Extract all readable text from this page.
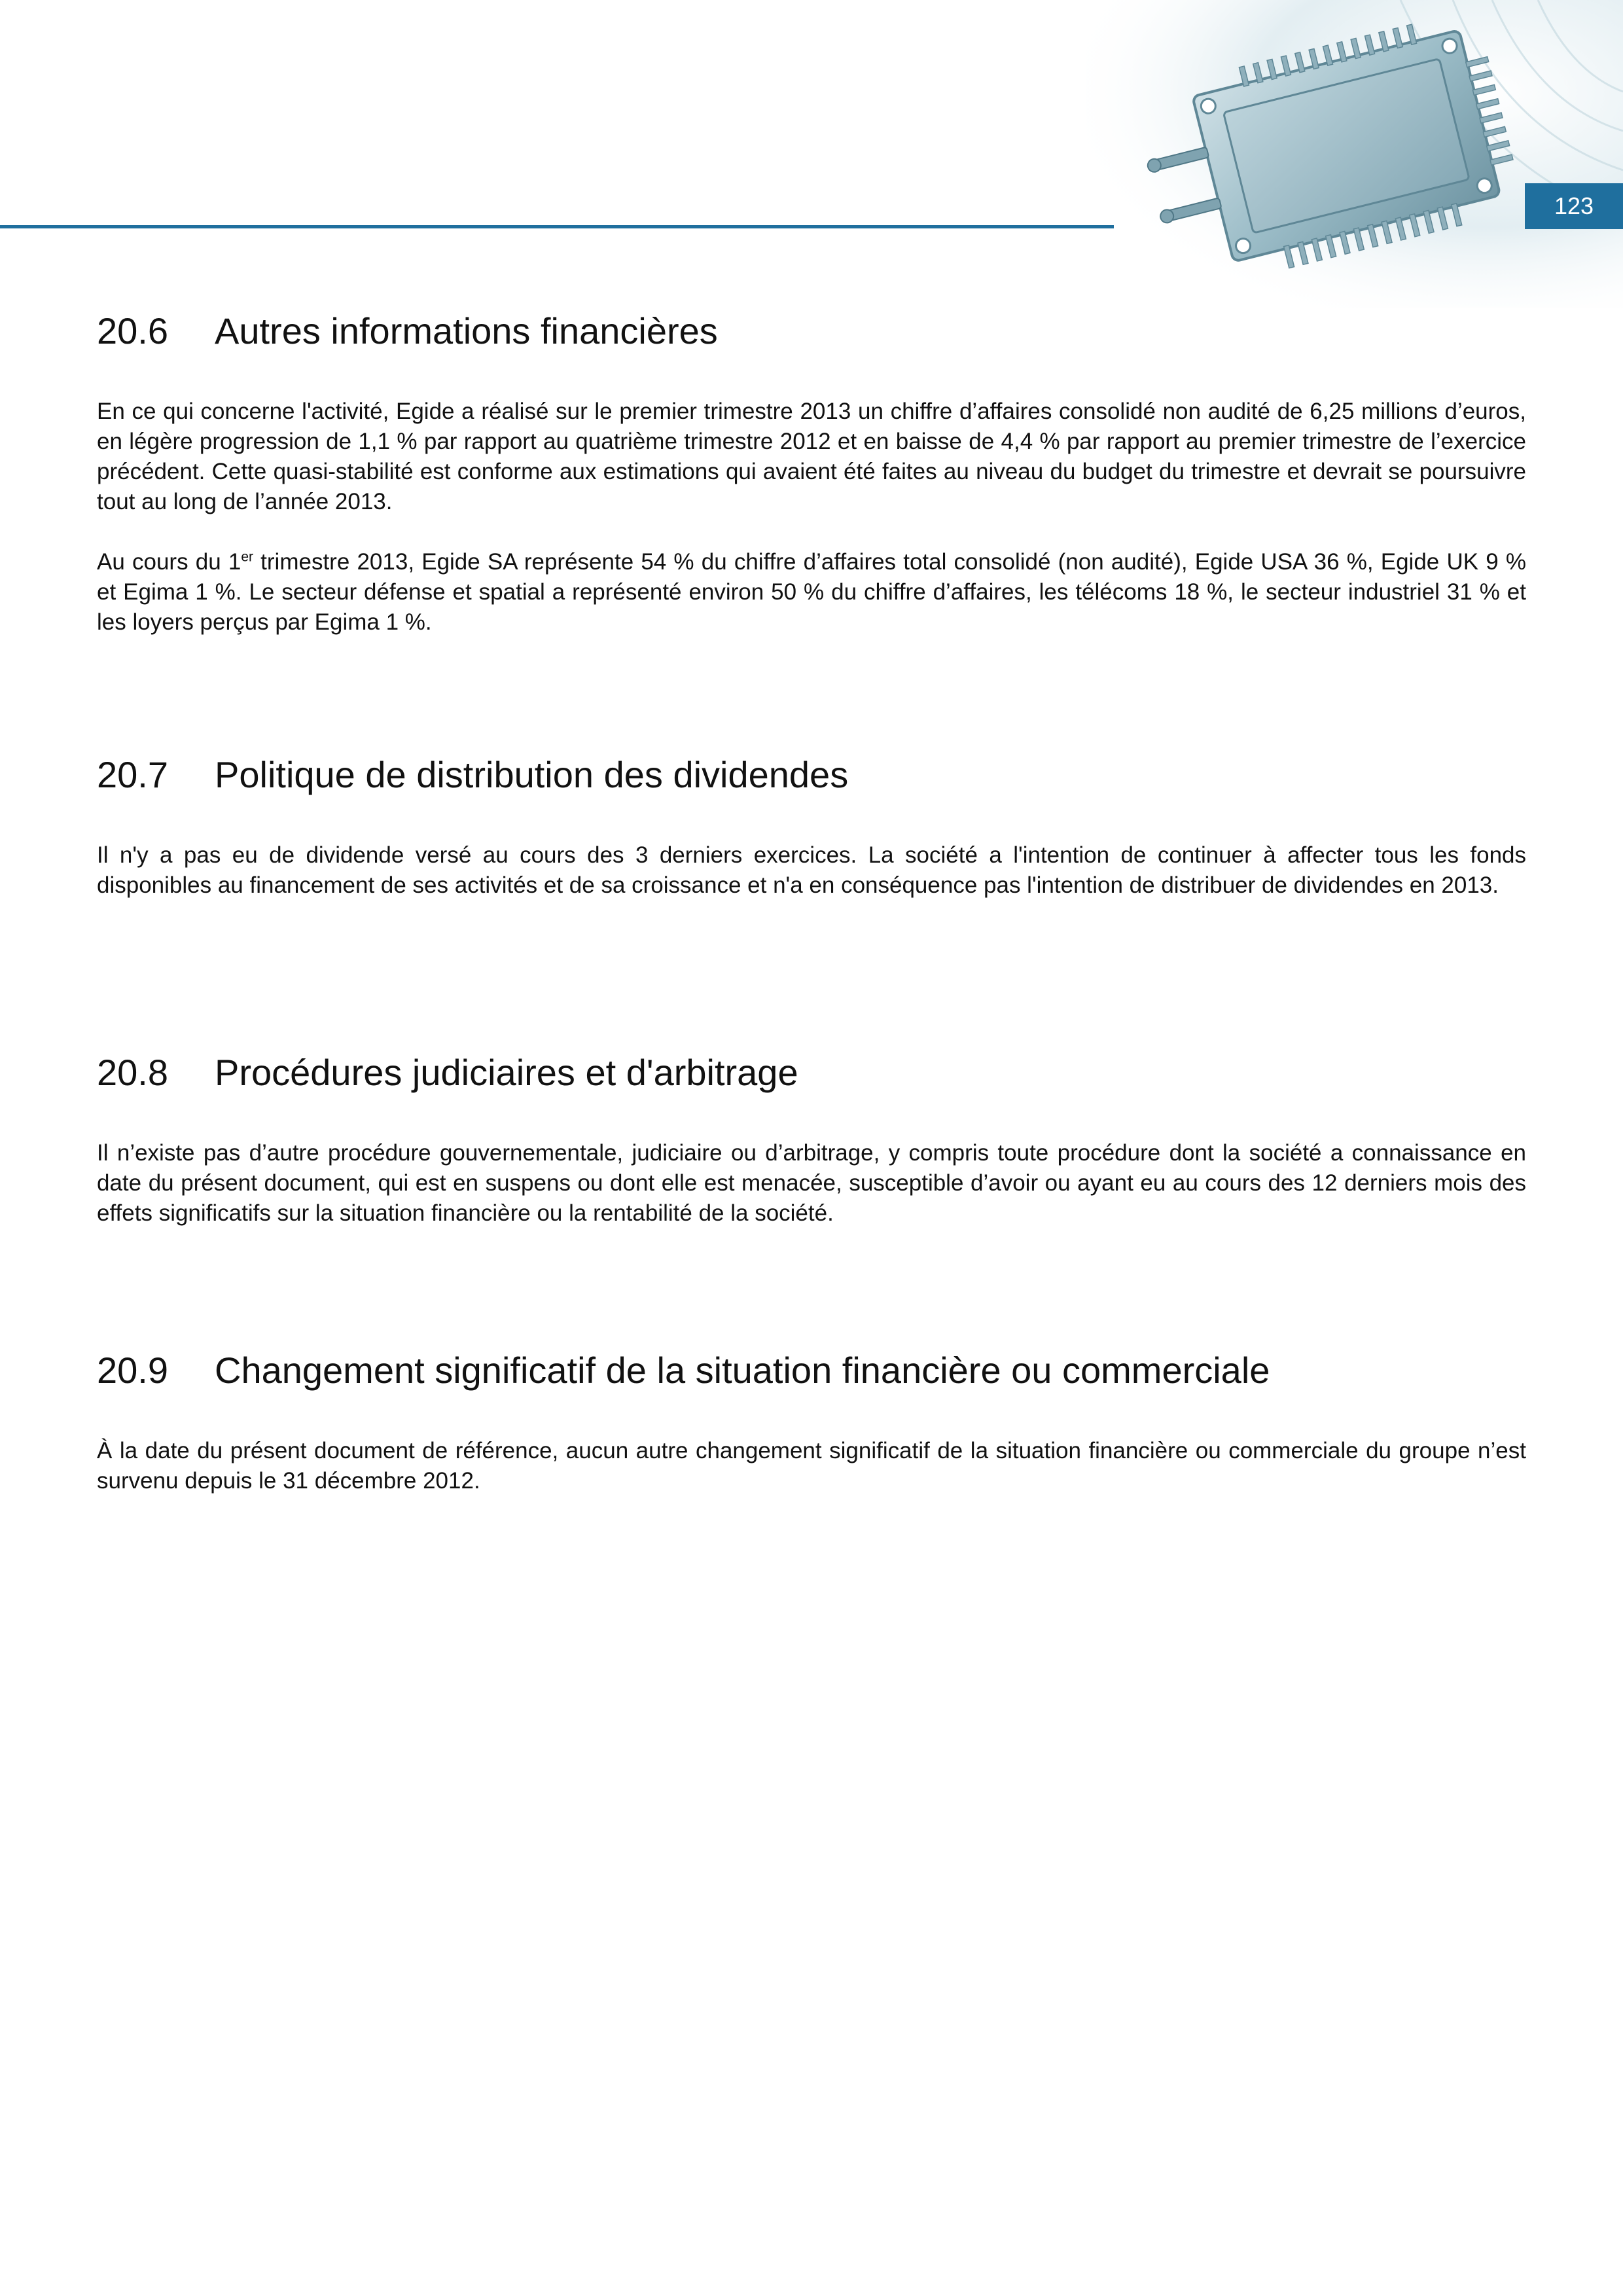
123
20.6	Autres informations financières

En ce qui concerne l'activité, Egide a réalisé sur le premier trimestre 2013 un chiffre d’affaires consolidé non audité de 6,25 millions d’euros, en légère progression de 1,1 % par rapport au quatrième trimestre 2012 et en baisse de 4,4 % par rapport au premier trimestre de l’exercice précédent. Cette quasi-stabilité est conforme aux estimations qui avaient été faites au niveau du budget du trimestre et devrait se poursuivre tout au long de l’année 2013.

Au cours du 1er trimestre 2013, Egide SA représente 54 % du chiffre d’affaires total consolidé (non audité), Egide USA 36 %, Egide UK 9 % et Egima 1 %. Le secteur défense et spatial a représenté environ 50 % du chiffre d’affaires, les télécoms 18 %, le secteur industriel 31 % et les loyers perçus par Egima 1 %.

20.7	Politique de distribution des dividendes

Il n'y a pas eu de dividende versé au cours des 3 derniers exercices. La société a l'intention de continuer à affecter tous les fonds disponibles au financement de ses activités et de sa croissance et n'a en conséquence pas l'intention de distribuer de dividendes en 2013.

20.8	Procédures judiciaires et d'arbitrage

Il n’existe pas d’autre procédure gouvernementale, judiciaire ou d’arbitrage, y compris toute procédure dont la société a connaissance en date du présent document, qui est en suspens ou dont elle est menacée, susceptible d’avoir ou ayant eu au cours des 12 derniers mois des effets significatifs sur la situation financière ou la rentabilité de la société.

20.9	Changement significatif de la situation financière ou commerciale

À la date du présent document de référence, aucun autre changement significatif de la situation financière ou commerciale du groupe n’est survenu depuis le 31 décembre 2012.
